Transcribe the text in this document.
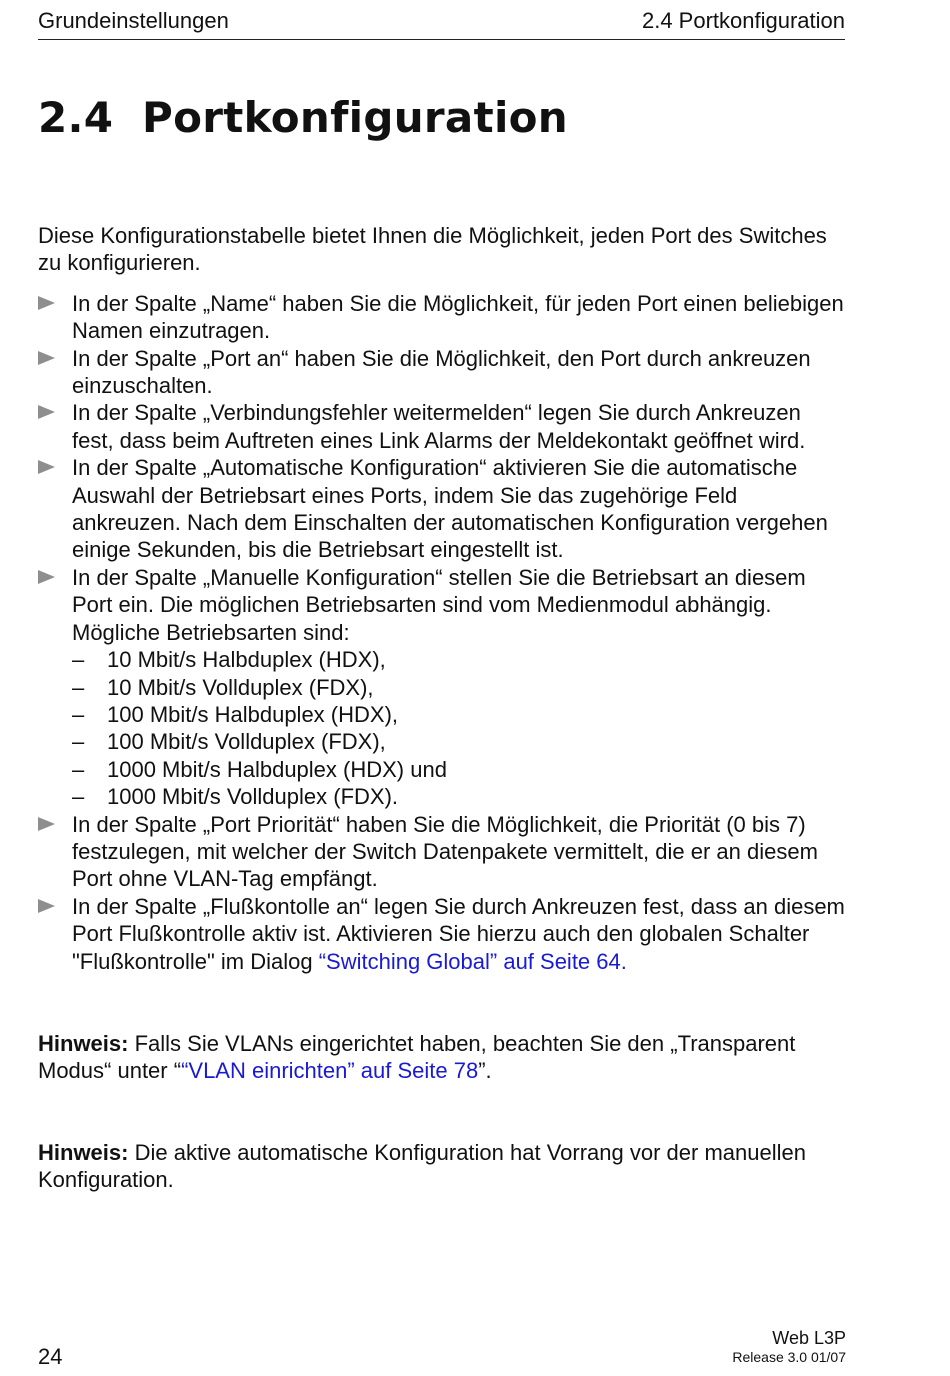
Grundeinstellungen	2.4 Portkonfiguration
2.4 Portkonfiguration

Diese Konfigurationstabelle bietet Ihnen die Möglichkeit, jeden Port des Switches zu konfigurieren.

In der Spalte „Name“ haben Sie die Möglichkeit, für jeden Port einen beliebigen Namen einzutragen.
In der Spalte „Port an“ haben Sie die Möglichkeit, den Port durch ankreuzen einzuschalten.
In der Spalte „Verbindungsfehler weitermelden“ legen Sie durch Ankreuzen fest, dass beim Auftreten eines Link Alarms der Meldekontakt geöffnet wird.
In der Spalte „Automatische Konfiguration“ aktivieren Sie die automatische Auswahl der Betriebsart eines Ports, indem Sie das zugehörige Feld ankreuzen. Nach dem Einschalten der automatischen Konfiguration vergehen einige Sekunden, bis die Betriebsart eingestellt ist.
In der Spalte „Manuelle Konfiguration“ stellen Sie die Betriebsart an diesem Port ein. Die möglichen Betriebsarten sind vom Medienmodul abhängig. Mögliche Betriebsarten sind:
– 10 Mbit/s Halbduplex (HDX),
– 10 Mbit/s Vollduplex (FDX),
– 100 Mbit/s Halbduplex (HDX),
– 100 Mbit/s Vollduplex (FDX),
– 1000 Mbit/s Halbduplex (HDX) und
– 1000 Mbit/s Vollduplex (FDX).
In der Spalte „Port Priorität“ haben Sie die Möglichkeit, die Priorität (0 bis 7) festzulegen, mit welcher der Switch Datenpakete vermittelt, die er an diesem Port ohne VLAN-Tag empfängt.
In der Spalte „Flußkontolle an“ legen Sie durch Ankreuzen fest, dass an diesem Port Flußkontrolle aktiv ist. Aktivieren Sie hierzu auch den globalen Schalter "Flußkontrolle" im Dialog “Switching Global” auf Seite 64.

Hinweis: Falls Sie VLANs eingerichtet haben, beachten Sie den „Transparent Modus“ unter ““VLAN einrichten” auf Seite 78”.

Hinweis: Die aktive automatische Konfiguration hat Vorrang vor der manuellen Konfiguration.

24
Web L3P
Release 3.0 01/07
